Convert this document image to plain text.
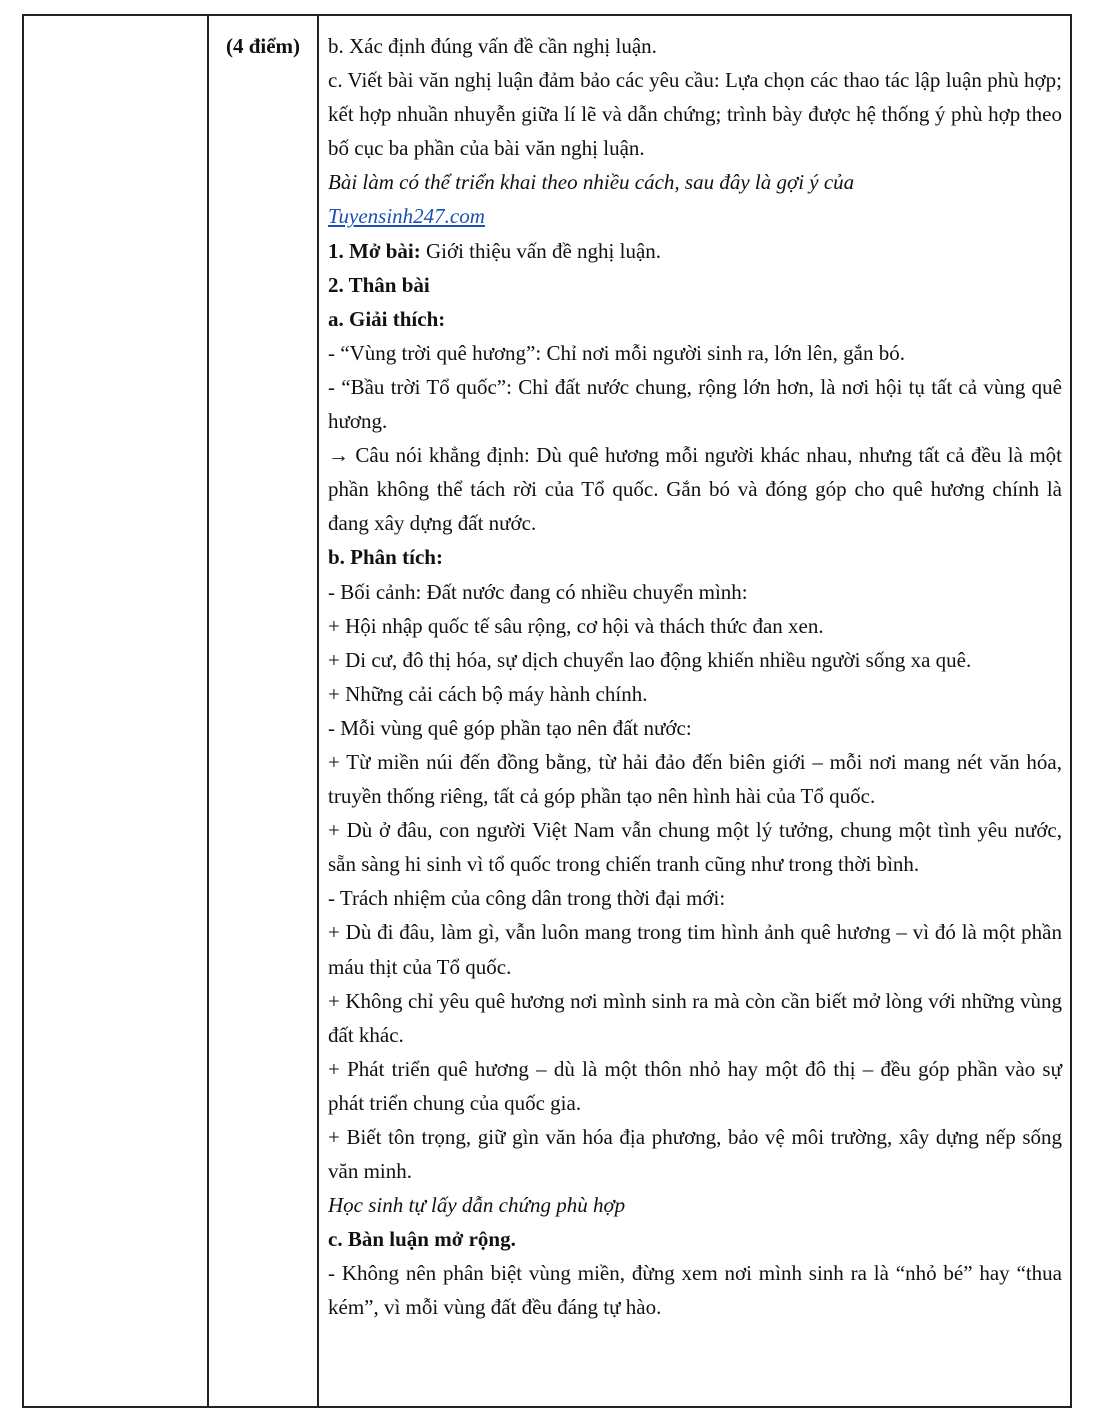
(4 điểm)	b. Xác định đúng vấn đề cần nghị luận.

c. Viết bài văn nghị luận đảm bảo các yêu cầu: Lựa chọn các thao tác lập luận phù hợp; kết hợp nhuần nhuyễn giữa lí lẽ và dẫn chứng; trình bày được hệ thống ý phù hợp theo bố cục ba phần của bài văn nghị luận.

Bài làm có thể triển khai theo nhiều cách, sau đây là gợi ý của

Tuyensinh247.com

1. Mở bài: Giới thiệu vấn đề nghị luận.

2. Thân bài

a. Giải thích:

- “Vùng trời quê hương”: Chỉ nơi mỗi người sinh ra, lớn lên, gắn bó.

- “Bầu trời Tổ quốc”: Chỉ đất nước chung, rộng lớn hơn, là nơi hội tụ tất cả vùng quê hương.

→ Câu nói khẳng định: Dù quê hương mỗi người khác nhau, nhưng tất cả đều là một phần không thể tách rời của Tổ quốc. Gắn bó và đóng góp cho quê hương chính là đang xây dựng đất nước.

b. Phân tích:

- Bối cảnh: Đất nước đang có nhiều chuyển mình:

+ Hội nhập quốc tế sâu rộng, cơ hội và thách thức đan xen.

+ Di cư, đô thị hóa, sự dịch chuyển lao động khiến nhiều người sống xa quê.

+ Những cải cách bộ máy hành chính.

- Mỗi vùng quê góp phần tạo nên đất nước:

+ Từ miền núi đến đồng bằng, từ hải đảo đến biên giới – mỗi nơi mang nét văn hóa, truyền thống riêng, tất cả góp phần tạo nên hình hài của Tổ quốc.

+ Dù ở đâu, con người Việt Nam vẫn chung một lý tưởng, chung một tình yêu nước, sẵn sàng hi sinh vì tổ quốc trong chiến tranh cũng như trong thời bình.

- Trách nhiệm của công dân trong thời đại mới:

+ Dù đi đâu, làm gì, vẫn luôn mang trong tim hình ảnh quê hương – vì đó là một phần máu thịt của Tổ quốc.

+ Không chỉ yêu quê hương nơi mình sinh ra mà còn cần biết mở lòng với những vùng đất khác.

+ Phát triển quê hương – dù là một thôn nhỏ hay một đô thị – đều góp phần vào sự phát triển chung của quốc gia.

+ Biết tôn trọng, giữ gìn văn hóa địa phương, bảo vệ môi trường, xây dựng nếp sống văn minh.

Học sinh tự lấy dẫn chứng phù hợp

c. Bàn luận mở rộng.

- Không nên phân biệt vùng miền, đừng xem nơi mình sinh ra là “nhỏ bé” hay “thua kém”, vì mỗi vùng đất đều đáng tự hào.
